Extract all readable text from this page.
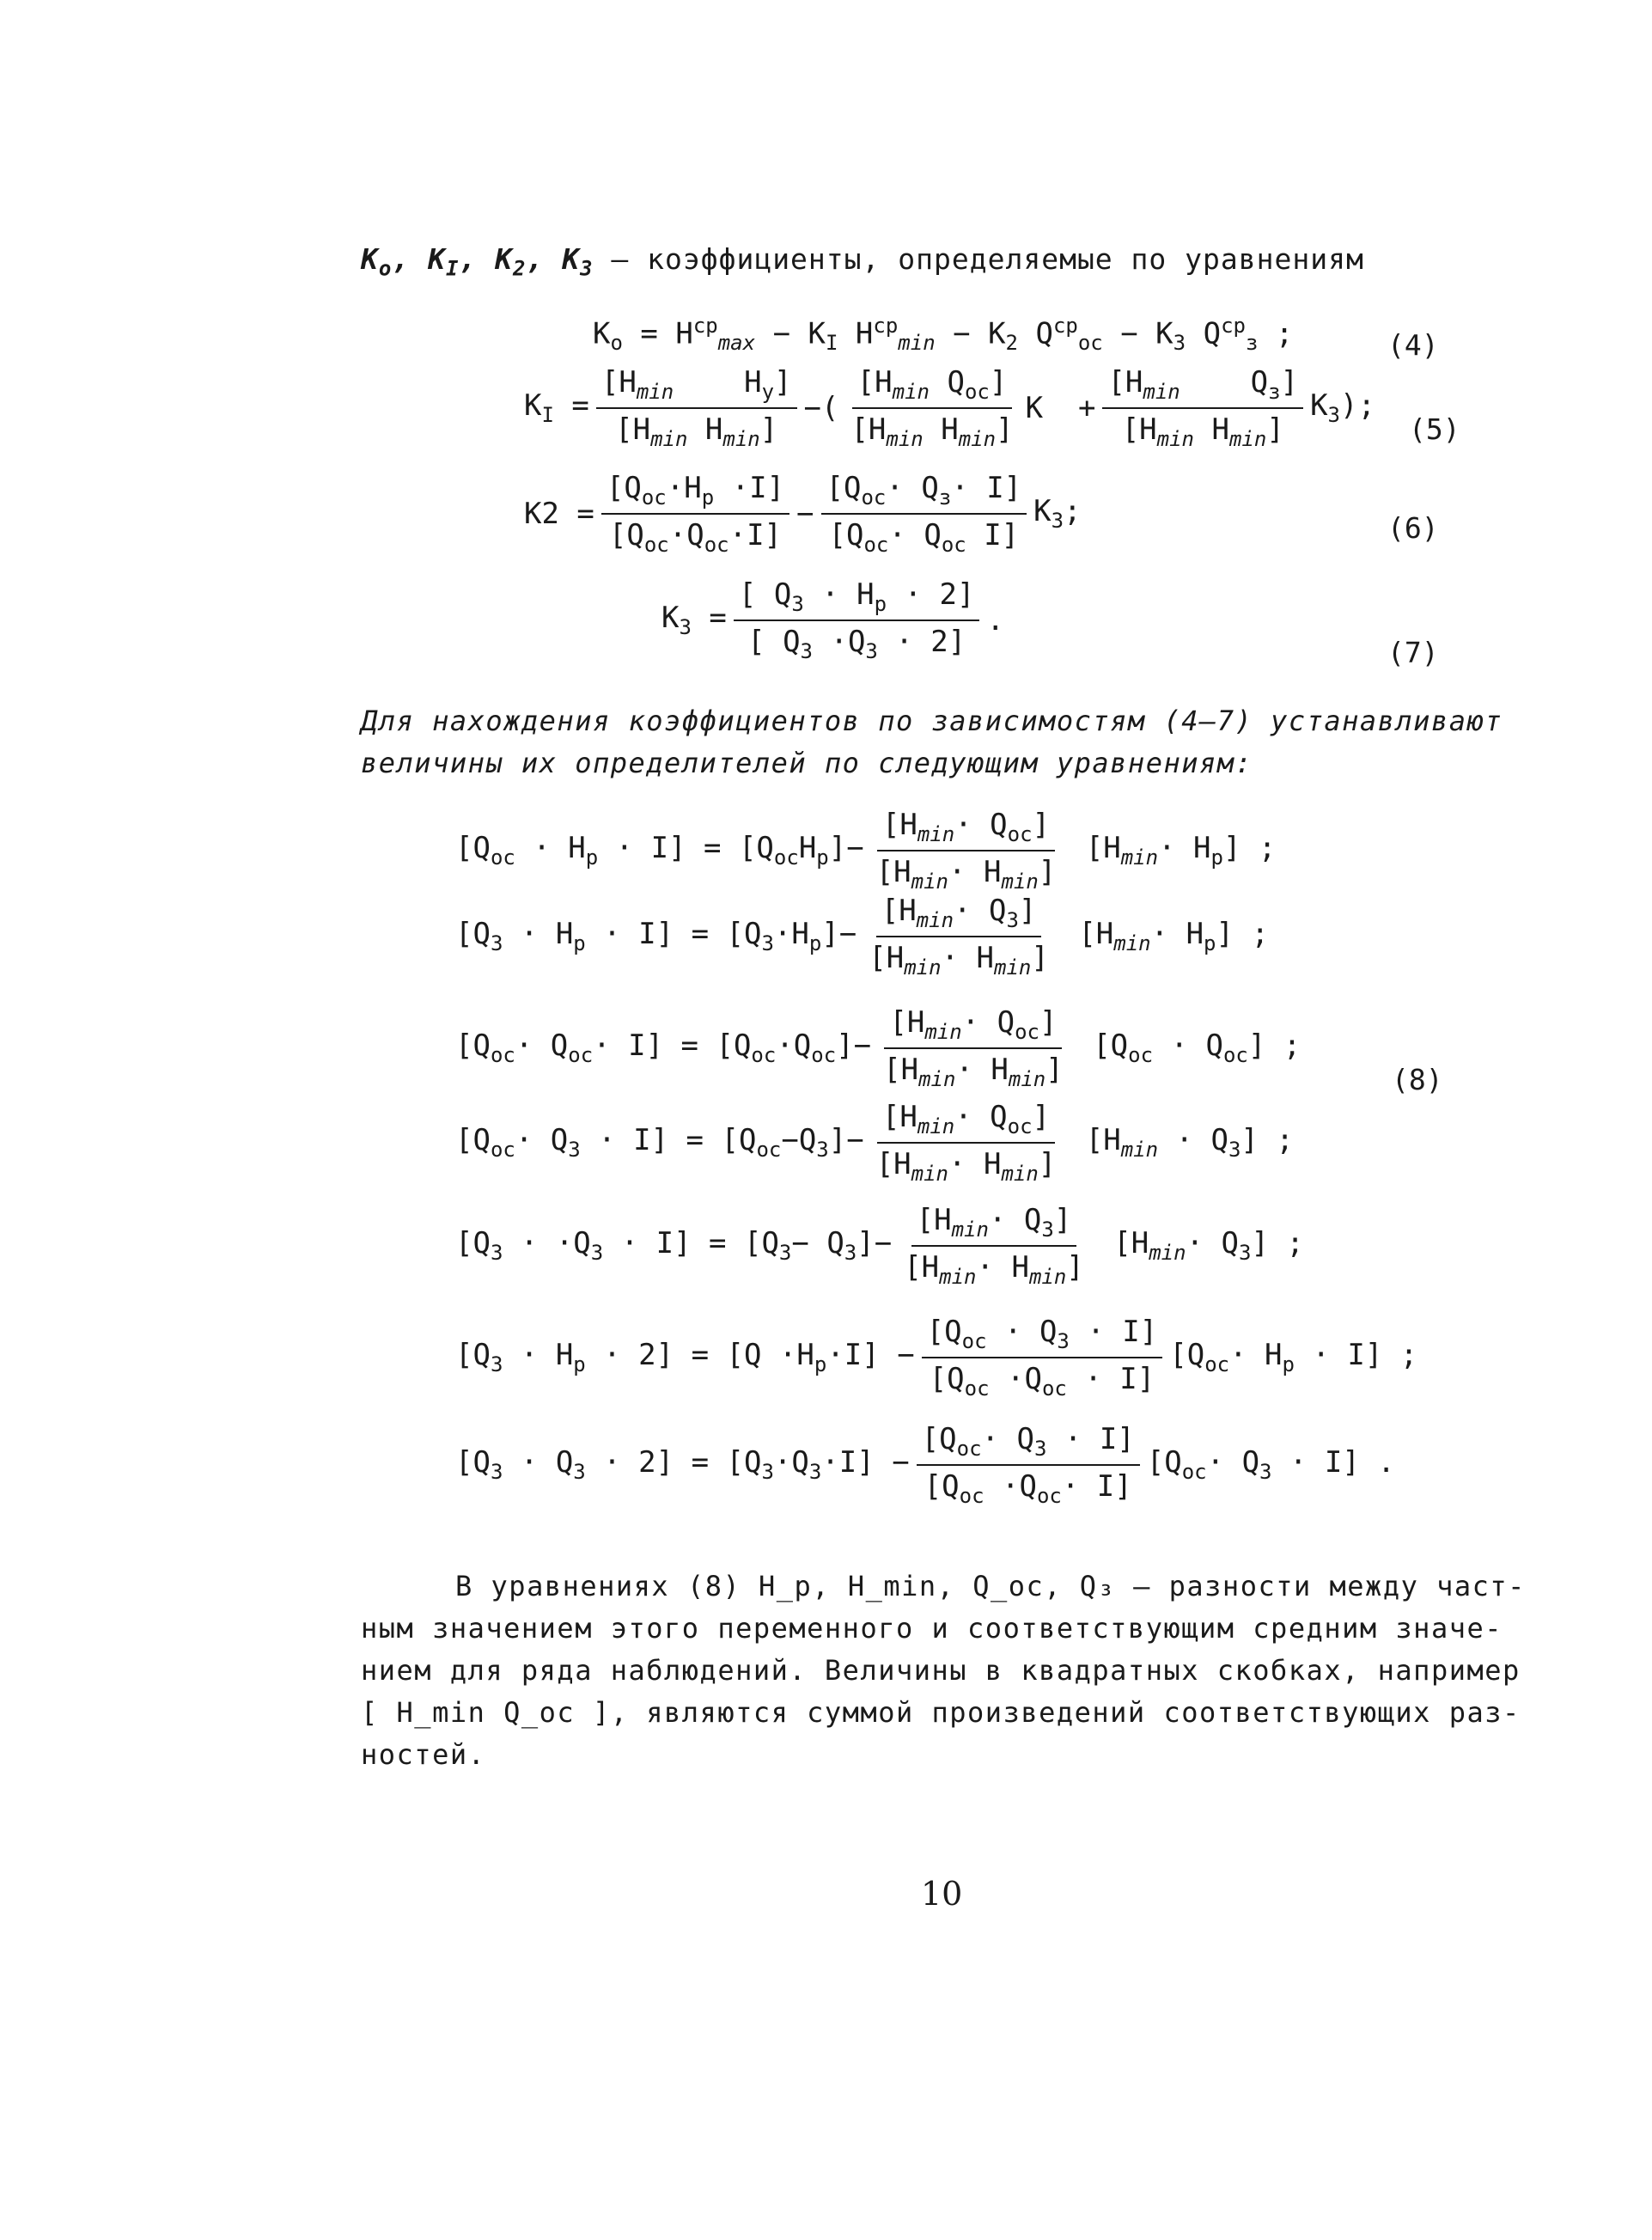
$K_o$, $K_I$, $K_2$, $K_3$ — коэффициенты, определяемые по уравнениям
$K_o = H^{ср}_{max} - K_I$ $H^{ср}_{min} - K_2$ $Q^{ср}_{ос} - K_3$ $Q^{ср}_з$ ;	(4)
$K_I = \frac{[H_{min} H_у]}{[H_{min} H_{min}]}$ −( $\frac{[H_{min} Q_{ос}]}{[H_{min} H_{min}]}$ $K + \frac{[H_{min} Q_з]}{[H_{min} H_{min}]} K_3$);
(5)
$K2 = \frac{[Q_{ос}\cdot H_р \cdot I]}{[Q_{ос}\cdot Q_{ос}\cdot I]} - \frac{[Q_{ос}\cdot Q_з\cdot I]}{[Q_{ос}\cdot Q_{ос} I]} K_3$;	(6)
$K_3 = \frac{[ Q_3 \cdot H_р \cdot 2]}{[ Q_3 \cdot Q_3 \cdot 2]}$ .
(7)
Для нахождения коэффициентов по зависимостям (4–7) устанавливают
величины их определителей по следующим уравнениям:
$[Q_{ос} \cdot H_р \cdot I] = [Q_{ос}H_р]- \frac{[H_{min}\cdot Q_{ос}]}{[H_{min}\cdot H_{min}]} [H_{min}\cdot H_р]$ ;
$[Q_3 \cdot H_р \cdot I] = [Q_3\cdot H_р]- \frac{[H_{min}\cdot Q_3]}{[H_{min}\cdot H_{min}]} [H_{min}\cdot H_р]$ ;
$[Q_{ос}\cdot Q_{ос}\cdot I] = [Q_{ос}\cdot Q_{ос}]- \frac{[H_{min}\cdot Q_{ос}]}{[H_{min}\cdot H_{min}]} [Q_{ос} \cdot Q_{ос}]$ ;
(8)
$[Q_{ос}\cdot Q_3 \cdot I] = [Q_{ос}-Q_3]- \frac{[H_{min}\cdot Q_{ос}]}{[H_{min}\cdot H_{min}]} [H_{min} \cdot Q_3]$ ;
$[Q_3 \cdot \cdot Q_3 \cdot I] = [Q_3- Q_3]- \frac{[H_{min}\cdot Q_3]}{[H_{min}\cdot H_{min}]} [H_{min}\cdot Q_3]$ ;
$[Q_3 \cdot H_р \cdot 2] = [Q \cdot H_р\cdot I] - \frac{[Q_{ос} \cdot Q_3 \cdot I]}{[Q_{ос} \cdot Q_{ос} \cdot I]} [Q_{ос}\cdot H_р \cdot I]$ ;
$[Q_3 \cdot Q_3 \cdot 2] = [Q_3\cdot Q_3\cdot I] - \frac{[Q_{ос}\cdot Q_3 \cdot I]}{[Q_{ос} \cdot Q_{ос}\cdot I]} [Q_{ос}\cdot Q_3 \cdot I]$ .
В уравнениях (8) H_р, H_min, Q_ос, Q₃ — разности между част-
ным значением этого переменного и соответствующим средним значе-
нием для ряда наблюдений. Величины в квадратных скобках, например
[ H_min Q_ос ], являются суммой произведений соответствующих раз-
ностей.
10
